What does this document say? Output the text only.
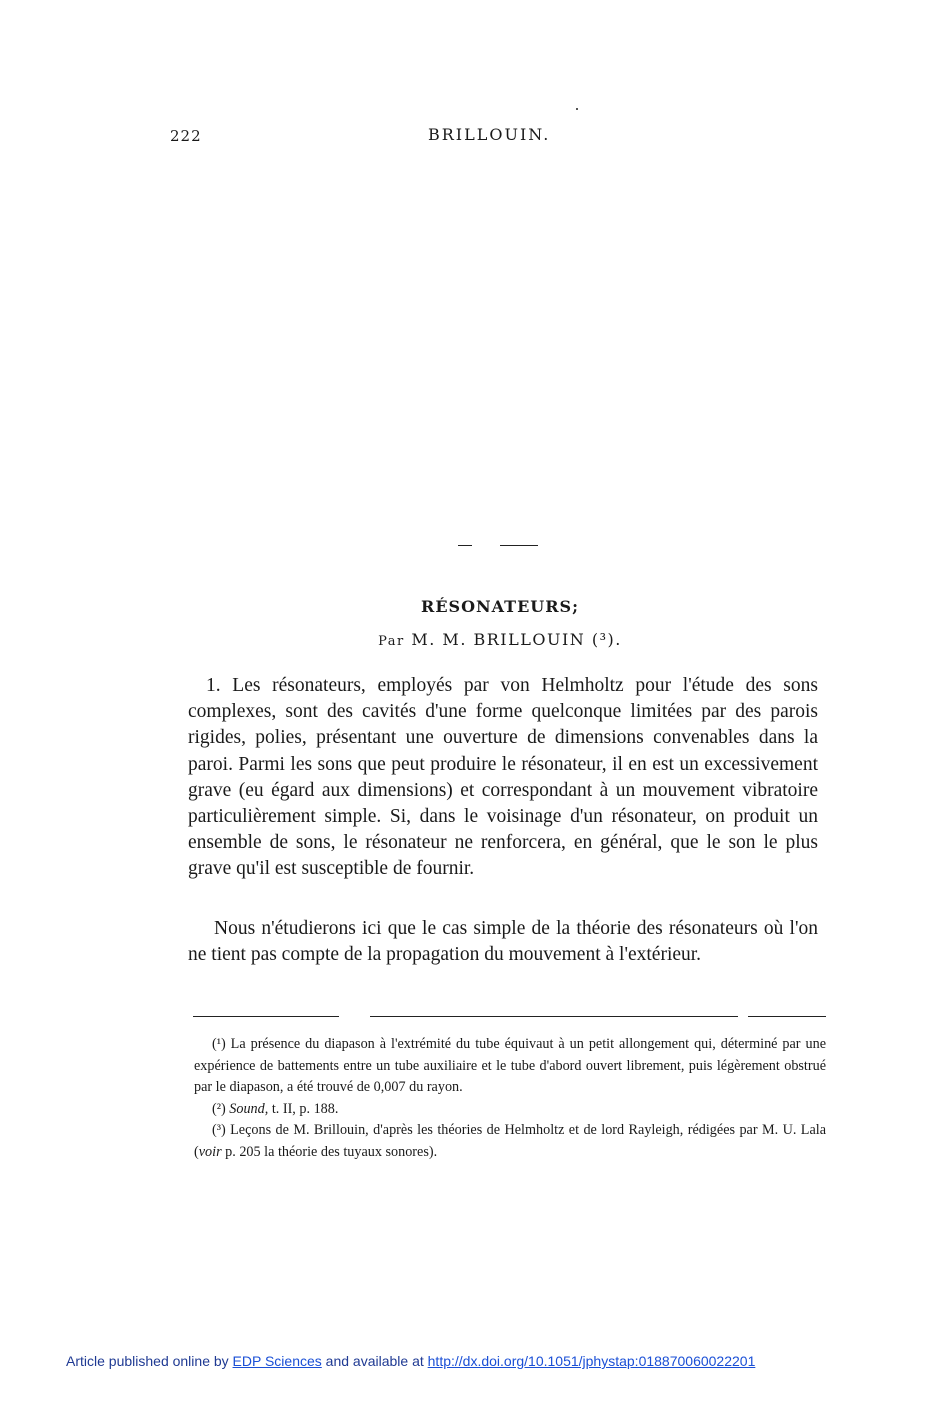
222	BRILLOUIN.
RÉSONATEURS;
Par M. M. BRILLOUIN (³).

1. Les résonateurs, employés par von Helmholtz pour l'étude des sons complexes, sont des cavités d'une forme quelconque limitées par des parois rigides, polies, présentant une ouverture de dimensions convenables dans la paroi. Parmi les sons que peut produire le résonateur, il en est un excessivement grave (eu égard aux dimensions) et correspondant à un mouvement vibratoire particulièrement simple. Si, dans le voisinage d'un résonateur, on produit un ensemble de sons, le résonateur ne renforcera, en général, que le son le plus grave qu'il est susceptible de fournir.

Nous n'étudierons ici que le cas simple de la théorie des résonateurs où l'on ne tient pas compte de la propagation du mouvement à l'extérieur.

(¹) La présence du diapason à l'extrémité du tube équivaut à un petit allongement qui, déterminé par une expérience de battements entre un tube auxiliaire et le tube d'abord ouvert librement, puis légèrement obstrué par le diapason, a été trouvé de 0,007 du rayon.

(²) Sound, t. II, p. 188.

(³) Leçons de M. Brillouin, d'après les théories de Helmholtz et de lord Rayleigh, rédigées par M. U. Lala (voir p. 205 la théorie des tuyaux sonores).

Article published online by EDP Sciences and available at http://dx.doi.org/10.1051/jphystap:018870060022201
